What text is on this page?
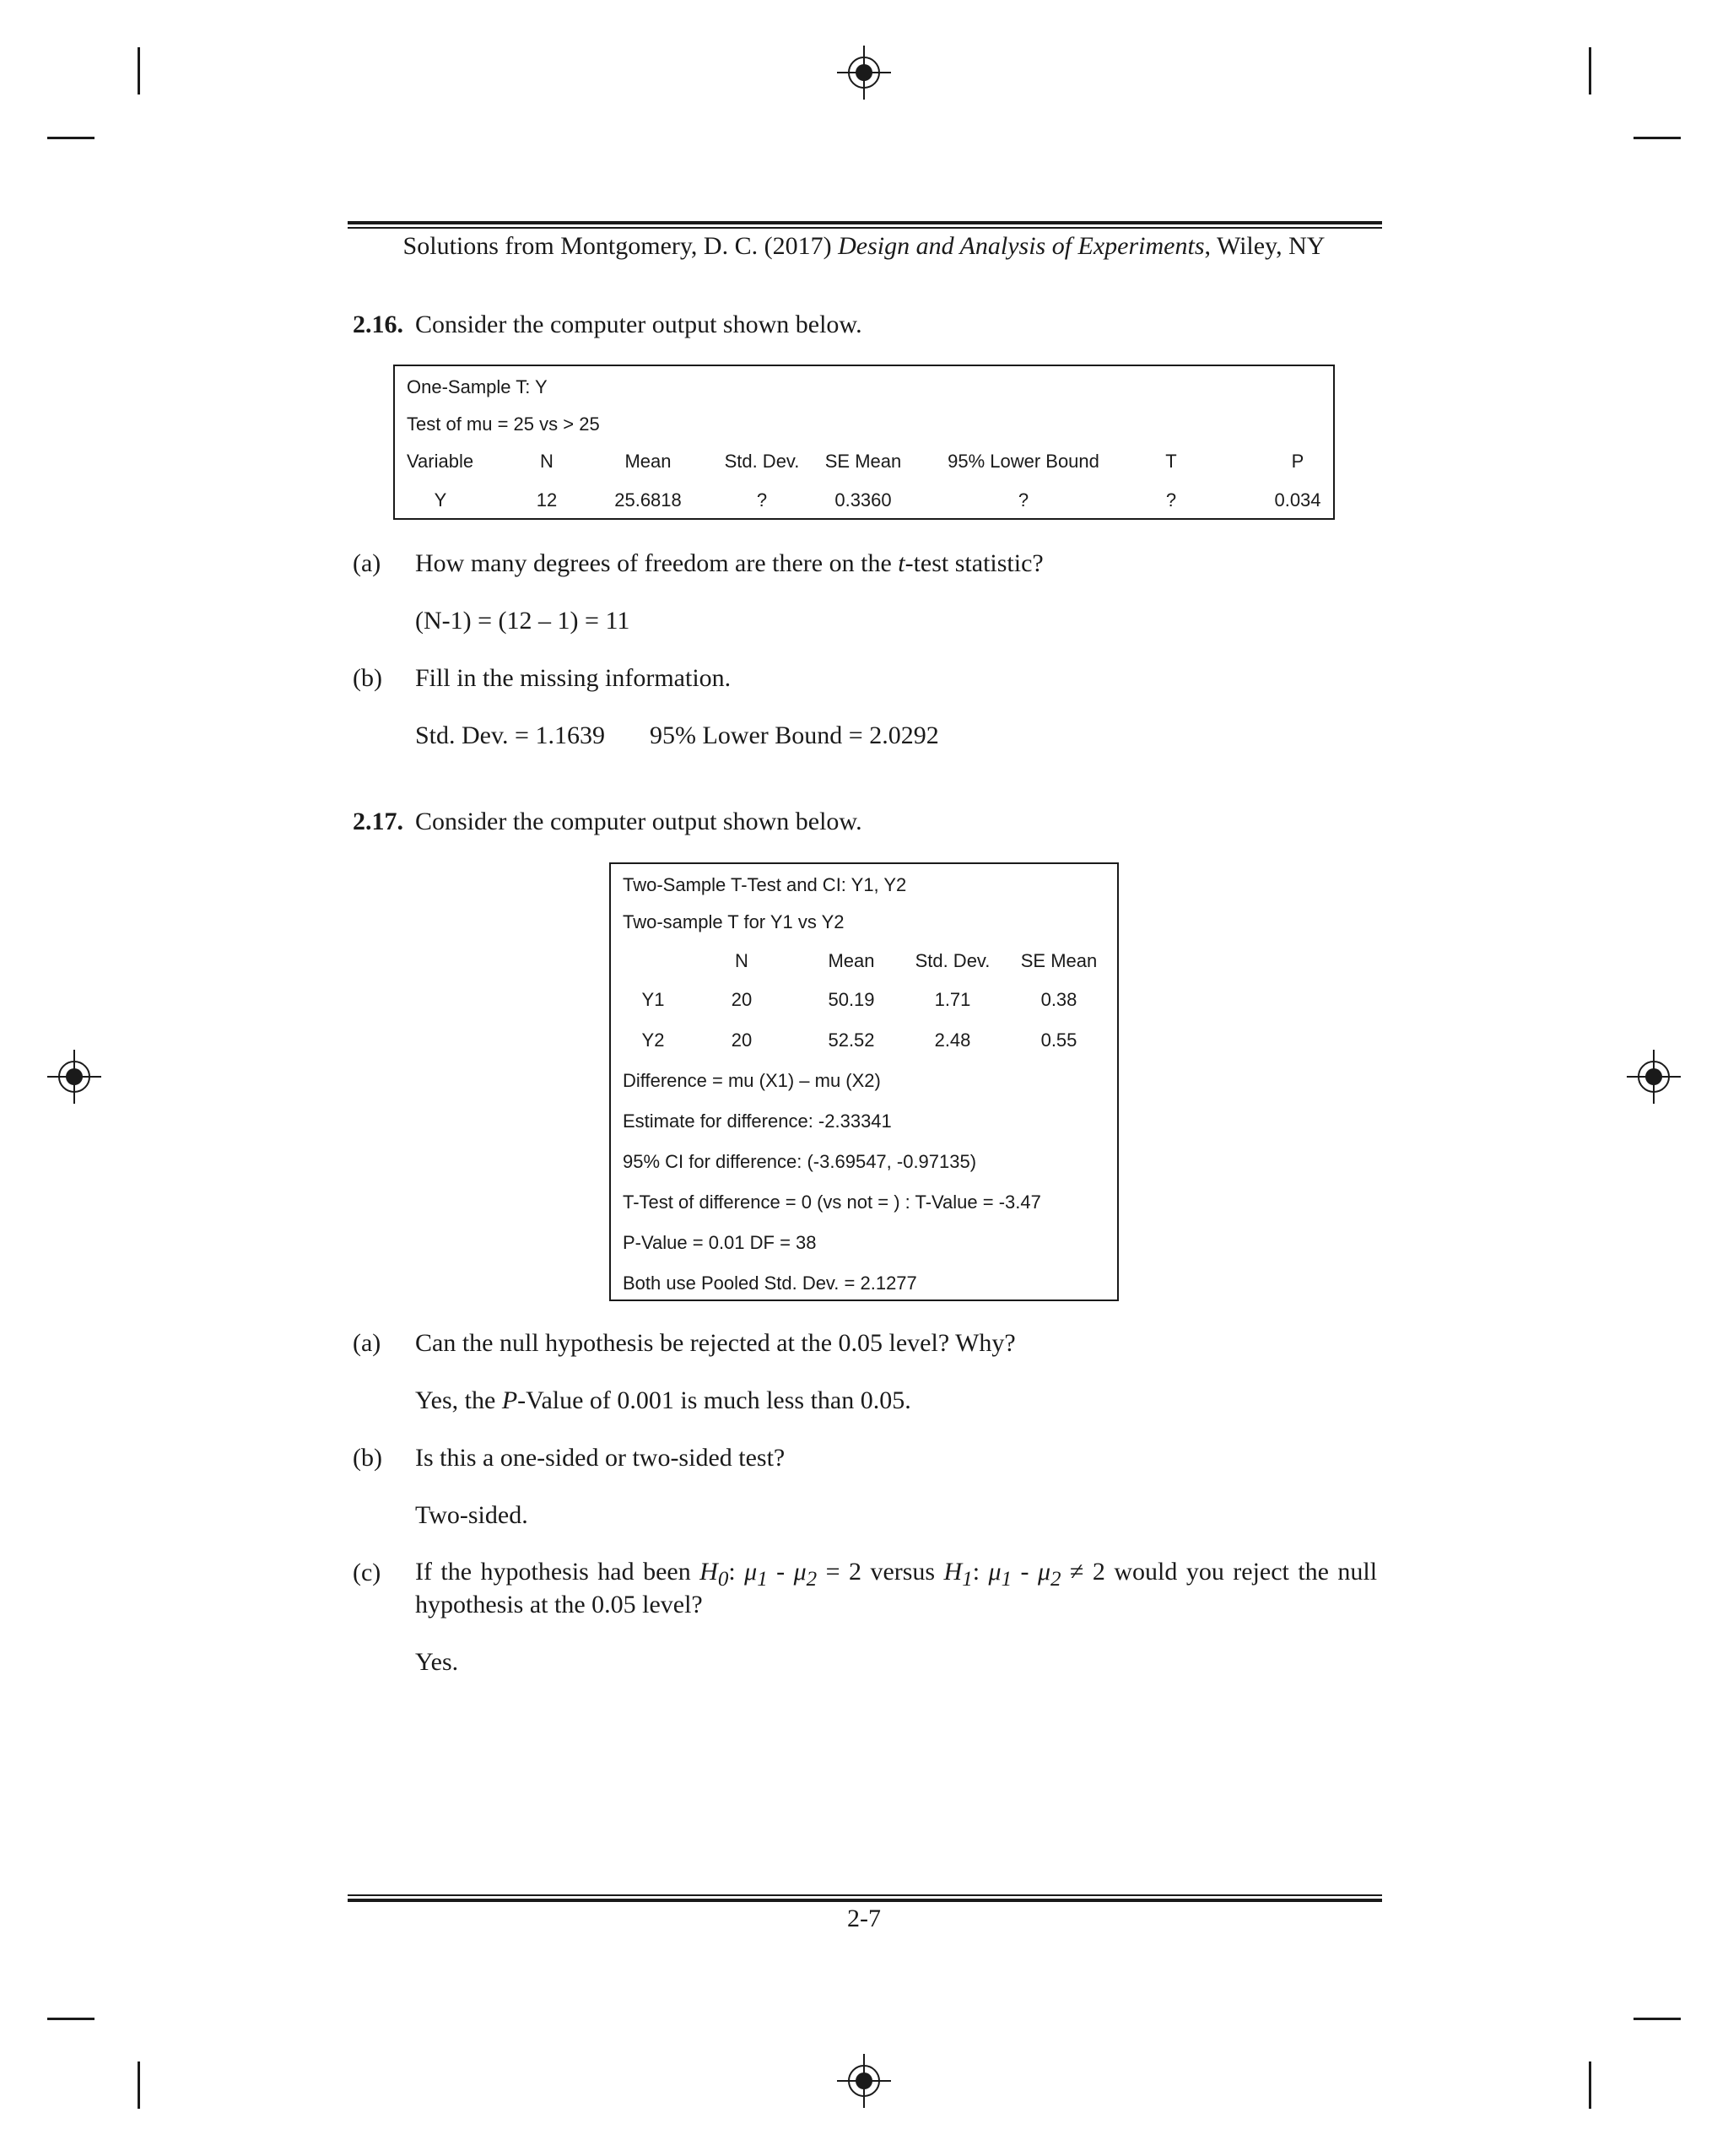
Solutions from Montgomery, D. C. (2017) Design and Analysis of Experiments, Wiley, NY
2.16. Consider the computer output shown below.
One-Sample T: Y
Test of mu = 25 vs > 25
Variable	N	Mean	Std. Dev.	SE Mean	95% Lower Bound	T	P
Y	12	25.6818	?	0.3360	?	?	0.034
(a) How many degrees of freedom are there on the t-test statistic?
(N-1) = (12 – 1) = 11
(b) Fill in the missing information.
Std. Dev. = 1.1639 95% Lower Bound = 2.0292
2.17. Consider the computer output shown below.
Two-Sample T-Test and CI: Y1, Y2
Two-sample T for Y1 vs Y2
N	Mean	Std. Dev.	SE Mean
Y1	20	50.19	1.71	0.38
Y2	20	52.52	2.48	0.55
Difference = mu (X1) – mu (X2)
Estimate for difference: -2.33341
95% CI for difference: (-3.69547, -0.97135)
T-Test of difference = 0 (vs not = ) : T-Value = -3.47
P-Value = 0.01 DF = 38
Both use Pooled Std. Dev. = 2.1277
(a) Can the null hypothesis be rejected at the 0.05 level? Why?
Yes, the P-Value of 0.001 is much less than 0.05.
(b) Is this a one-sided or two-sided test?
Two-sided.
(c) If the hypothesis had been $H_0$: $\mu_1 - \mu_2 = 2$ versus $H_1$: $\mu_1 - \mu_2 \ne 2$ would you reject the null
hypothesis at the 0.05 level?
Yes.
2-7
